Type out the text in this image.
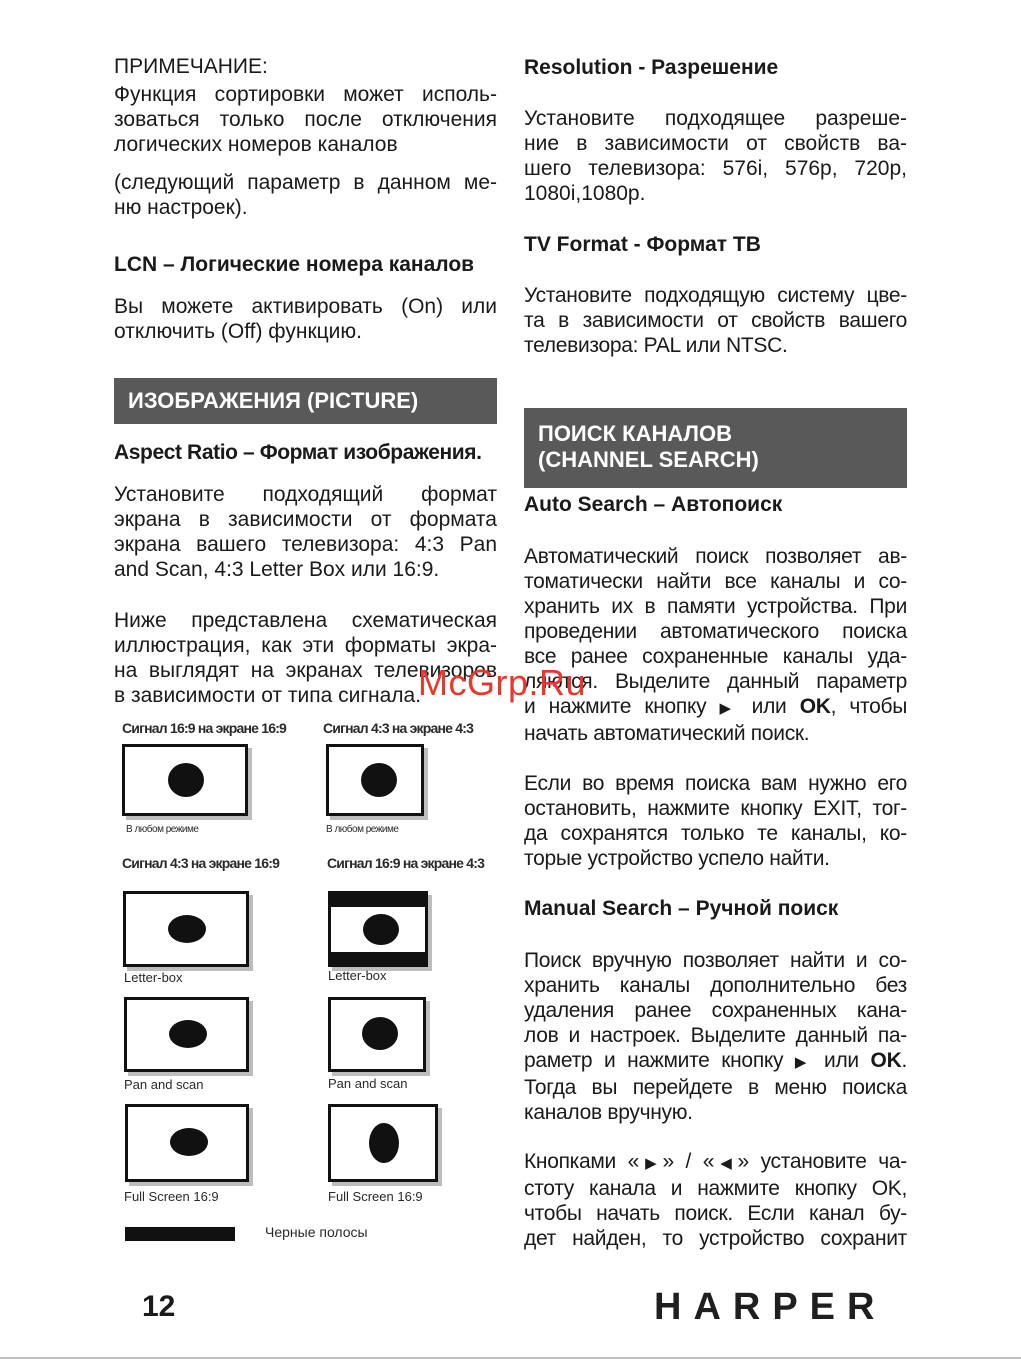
ПРИМЕЧАНИЕ:
Функция сортировки может исполь-
зоваться только после отключения
логических номеров каналов
(следующий параметр в данном ме-
ню настроек).
LCN – Логические номера каналов
Вы можете активировать (On) или
отключить (Off) функцию.
ИЗОБРАЖЕНИЯ (PICTURE)
Aspect Ratio – Формат изображения.
Установите подходящий формат
экрана в зависимости от формата
экрана вашего телевизора: 4:3 Pan
and Scan, 4:3 Letter Box или 16:9.
Ниже представлена схематическая
иллюстрация, как эти форматы экра-
на выглядят на экранах телевизоров
в зависимости от типа сигнала.
Сигнал 16:9 на экране 16:9	Сигнал 4:3 на экране 4:3
В любом режиме	В любом режиме
Сигнал 4:3 на экране 16:9	Сигнал 16:9 на экране 4:3
Letter-box	Letter-box
Pan and scan	Pan and scan
Full Screen 16:9	Full Screen 16:9
Черные полосы
Resolution - Разрешение
Установите подходящее разреше-
ние в зависимости от свойств ва-
шего телевизора: 576i, 576p, 720p,
1080i,1080p.
TV Format - Формат ТВ
Установите подходящую систему цве-
та в зависимости от свойств вашего
телевизора: PAL или NTSC.
ПОИСК КАНАЛОВ
(CHANNEL SEARCH)
Auto Search – Автопоиск
Автоматический поиск позволяет ав-
томатически найти все каналы и со-
хранить их в памяти устройства. При
проведении автоматического поиска
все ранее сохраненные каналы уда-
ляются. Выделите данный параметр
и нажмите кнопку ▶ или OK, чтобы
начать автоматический поиск.
Если во время поиска вам нужно его
остановить, нажмите кнопку EXIT, тог-
да сохранятся только те каналы, ко-
торые устройство успело найти.
Manual Search – Ручной поиск
Поиск вручную позволяет найти и со-
хранить каналы дополнительно без
удаления ранее сохраненных кана-
лов и настроек. Выделите данный па-
раметр и нажмите кнопку ▶ или OK.
Тогда вы перейдете в меню поиска
каналов вручную.
Кнопками «▶» / «◀» установите ча-
стоту канала и нажмите кнопку OK,
чтобы начать поиск. Если канал бу-
дет найден, то устройство сохранит
McGrp.Ru
12	HARPER
